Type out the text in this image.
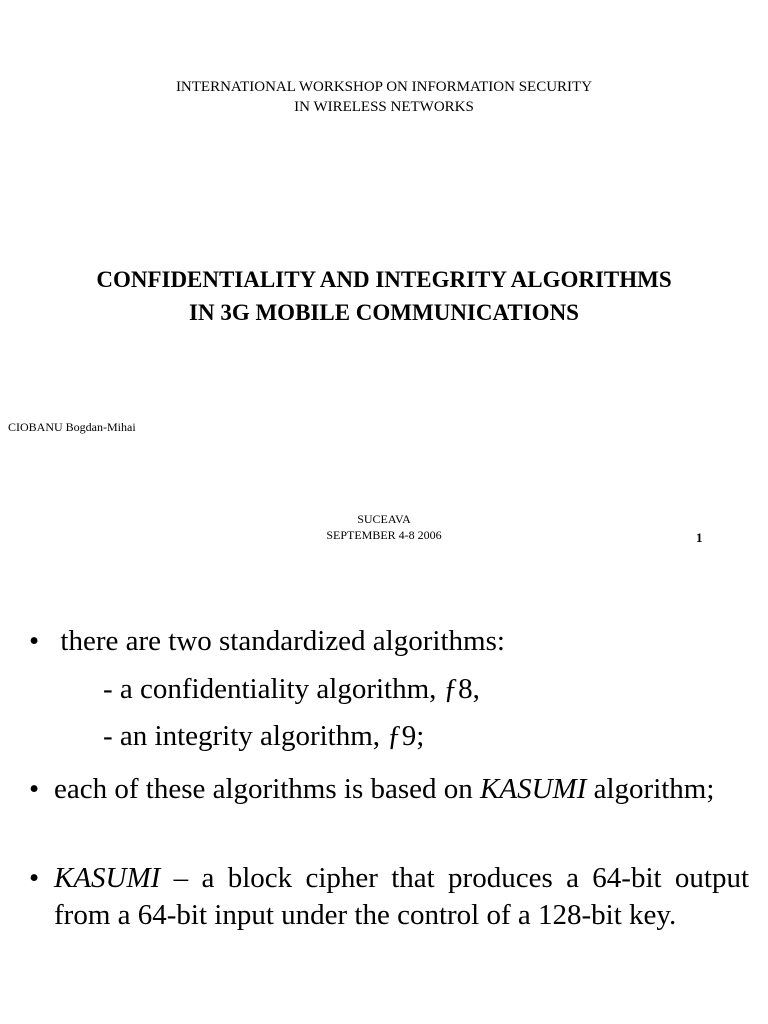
INTERNATIONAL WORKSHOP ON INFORMATION SECURITY
IN WIRELESS NETWORKS
CONFIDENTIALITY AND INTEGRITY ALGORITHMS
IN 3G MOBILE COMMUNICATIONS
CIOBANU Bogdan-Mihai
SUCEAVA
SEPTEMBER 4-8 2006	1
• there are two standardized algorithms:
- a confidentiality algorithm, ƒ8,
- an integrity algorithm, ƒ9;
• each of these algorithms is based on KASUMI algorithm;
• KASUMI – a block cipher that produces a 64-bit output from a 64-bit input under the control of a 128-bit key.
